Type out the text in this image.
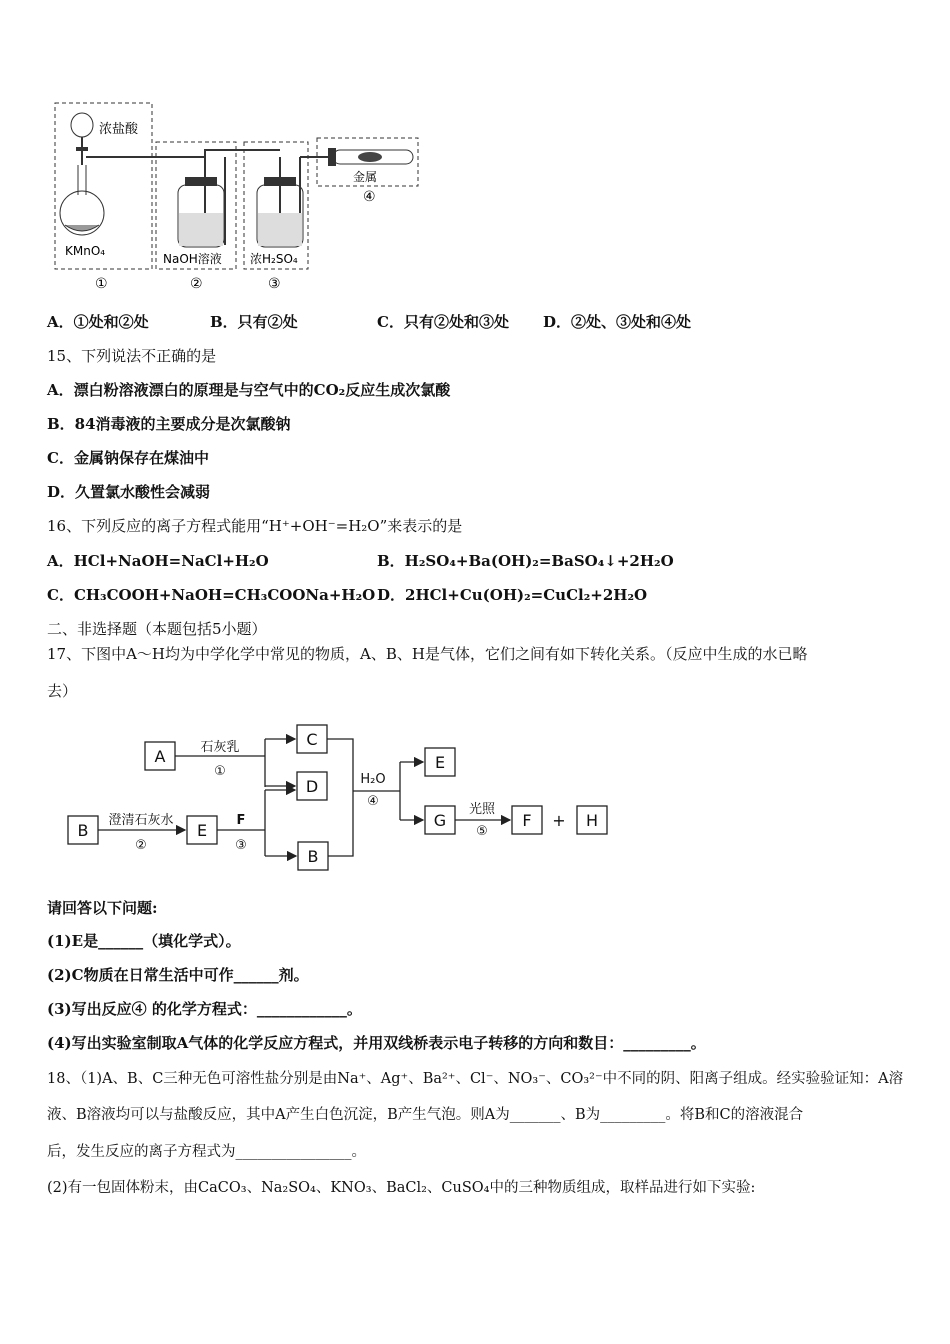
浓盐酸
KMnO₄
NaOH溶液 浓H₂SO₄
金属
①	②	③
④
A．①处和②处	B．只有②处	C．只有②处和③处 D．②处、③处和④处
15、下列说法不正确的是
A．漂白粉溶液漂白的原理是与空气中的CO₂反应生成次氯酸
B．84消毒液的主要成分是次氯酸钠
C．金属钠保存在煤油中
D．久置氯水酸性会减弱
16、下列反应的离子方程式能用“H⁺+OH⁻=H₂O”来表示的是
A．HCl+NaOH=NaCl+H₂O	B．H₂SO₄+Ba(OH)₂=BaSO₄↓+2H₂O
C．CH₃COOH+NaOH=CH₃COONa+H₂O D．2HCl+Cu(OH)₂=CuCl₂+2H₂O
二、非选择题（本题包括5小题）
17、下图中A～H均为中学化学中常见的物质，A、B、H是气体，它们之间有如下转化关系。（反应中生成的水已略
去）
A
C
D
B	E
B
E
G	F	H
+
石灰乳
①
澄清石灰水
②
F
③
H₂O
④
光照
⑤
请回答以下问题:
(1)E是______（填化学式）。
(2)C物质在日常生活中可作______剂。
(3)写出反应④ 的化学方程式：____________。
(4)写出实验室制取A气体的化学反应方程式，并用双线桥表示电子转移的方向和数目：_________。
18、（1)A、B、C三种无色可溶性盐分别是由Na⁺、Ag⁺、Ba²⁺、Cl⁻、NO₃⁻、CO₃²⁻中不同的阴、阳离子组成。经实验验证知：A溶
液、B溶液均可以与盐酸反应，其中A产生白色沉淀，B产生气泡。则A为_______、B为_________。将B和C的溶液混合
后，发生反应的离子方程式为________________。
(2)有一包固体粉末，由CaCO₃、Na₂SO₄、KNO₃、BaCl₂、CuSO₄中的三种物质组成，取样品进行如下实验:
